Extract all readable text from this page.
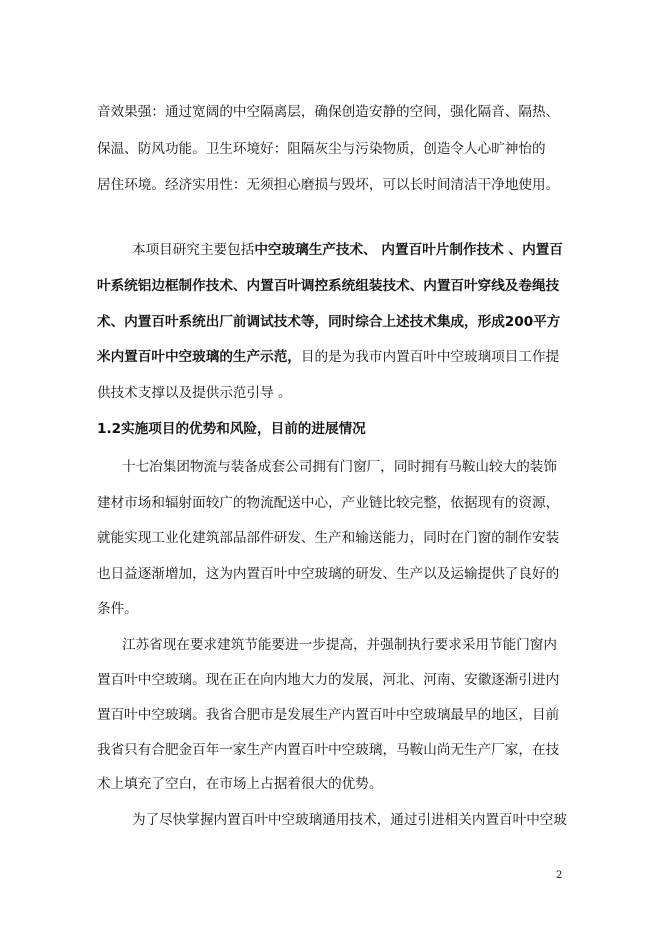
音效果强：通过宽阔的中空隔离层，确保创造安静的空间，强化隔音、隔热、
保温、防风功能。卫生环境好：阻隔灰尘与污染物质，创造令人心旷神怡的
居住环境。经济实用性：无须担心磨损与毁坏，可以长时间清洁干净地使用。
本项目研究主要包括中空玻璃生产技术、 内置百叶片制作技术 、内置百
叶系统铝边框制作技术、内置百叶调控系统组装技术、内置百叶穿线及卷绳技
术、内置百叶系统出厂前调试技术等，同时综合上述技术集成，形成200平方
米内置百叶中空玻璃的生产示范，目的是为我市内置百叶中空玻璃项目工作提
供技术支撑以及提供示范引导 。
1.2实施项目的优势和风险，目前的进展情况
十七冶集团物流与装备成套公司拥有门窗厂，同时拥有马鞍山较大的装饰
建材市场和辐射面较广的物流配送中心，产业链比较完整，依据现有的资源，
就能实现工业化建筑部品部件研发、生产和输送能力，同时在门窗的制作安装
也日益逐渐增加，这为内置百叶中空玻璃的研发、生产以及运输提供了良好的
条件。
江苏省现在要求建筑节能要进一步提高，并强制执行要求采用节能门窗内
置百叶中空玻璃。现在正在向内地大力的发展，河北、河南、安徽逐渐引进内
置百叶中空玻璃。我省合肥市是发展生产内置百叶中空玻璃最早的地区，目前
我省只有合肥金百年一家生产内置百叶中空玻璃，马鞍山尚无生产厂家，在技
术上填充了空白，在市场上占据着很大的优势。
为了尽快掌握内置百叶中空玻璃通用技术，通过引进相关内置百叶中空玻
2
